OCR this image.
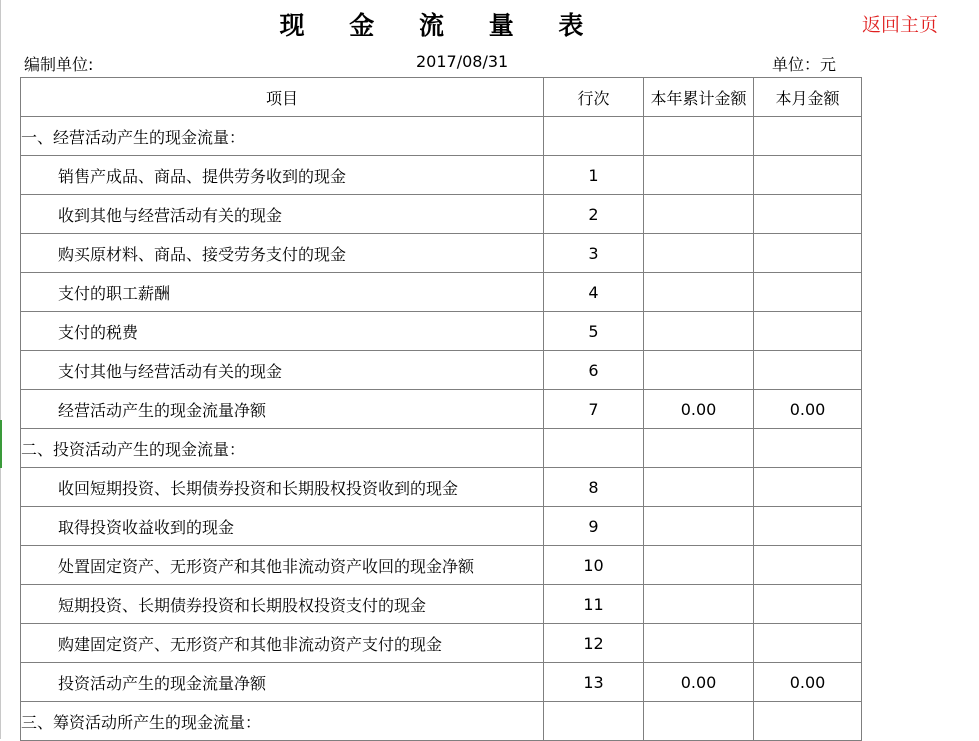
现 金 流 量 表	返回主页
编制单位:	2017/08/31	单位：元
项目	行次	本年累计金额	本月金额
一、经营活动产生的现金流量：			
销售产成品、商品、提供劳务收到的现金	1		
收到其他与经营活动有关的现金	2		
购买原材料、商品、接受劳务支付的现金	3		
支付的职工薪酬	4		
支付的税费	5		
支付其他与经营活动有关的现金	6		
经营活动产生的现金流量净额	7	0.00	0.00
二、投资活动产生的现金流量：			
收回短期投资、长期债券投资和长期股权投资收到的现金	8		
取得投资收益收到的现金	9		
处置固定资产、无形资产和其他非流动资产收回的现金净额	10		
短期投资、长期债券投资和长期股权投资支付的现金	11		
购建固定资产、无形资产和其他非流动资产支付的现金	12		
投资活动产生的现金流量净额	13	0.00	0.00
三、筹资活动所产生的现金流量：			
